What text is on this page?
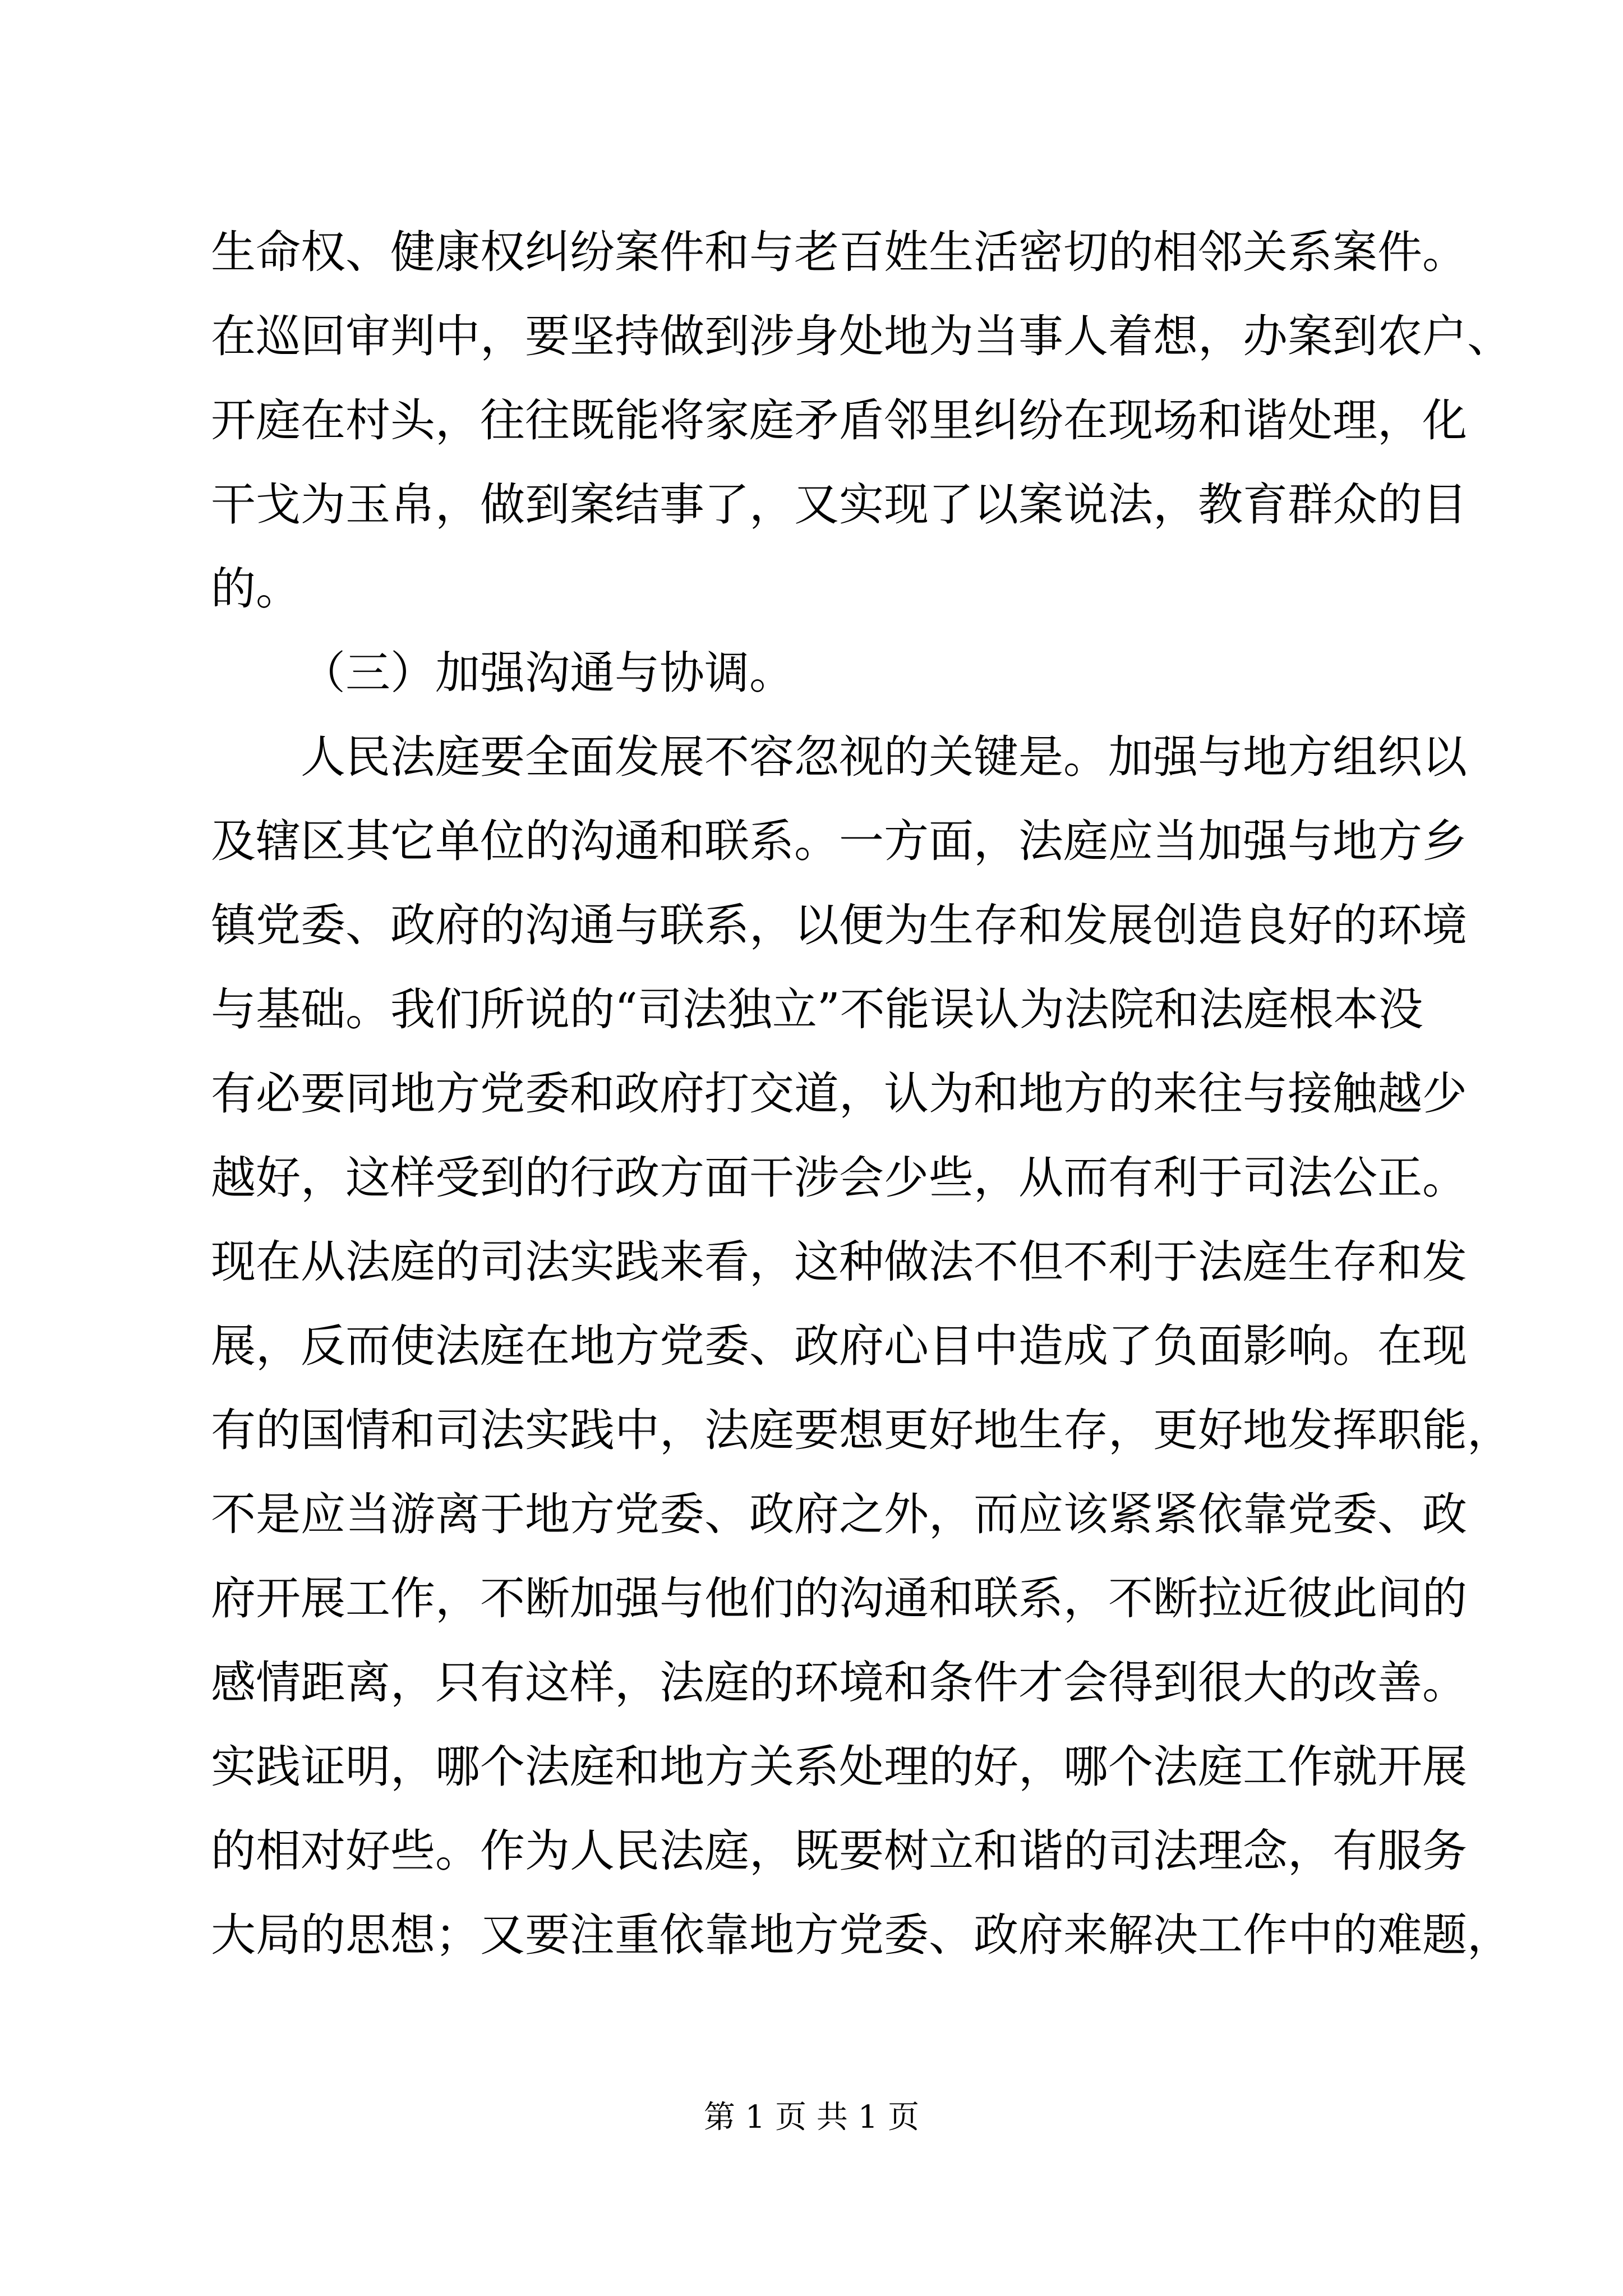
生命权、健康权纠纷案件和与老百姓生活密切的相邻关系案件。
在巡回审判中，要坚持做到涉身处地为当事人着想，办案到农户、
开庭在村头，往往既能将家庭矛盾邻里纠纷在现场和谐处理，化
干戈为玉帛，做到案结事了，又实现了以案说法，教育群众的目
的。
（三）加强沟通与协调。
人民法庭要全面发展不容忽视的关键是。加强与地方组织以
及辖区其它单位的沟通和联系。一方面，法庭应当加强与地方乡
镇党委、政府的沟通与联系，以便为生存和发展创造良好的环境
与基础。我们所说的“司法独立”不能误认为法院和法庭根本没
有必要同地方党委和政府打交道，认为和地方的来往与接触越少
越好，这样受到的行政方面干涉会少些，从而有利于司法公正。
现在从法庭的司法实践来看，这种做法不但不利于法庭生存和发
展，反而使法庭在地方党委、政府心目中造成了负面影响。在现
有的国情和司法实践中，法庭要想更好地生存，更好地发挥职能，
不是应当游离于地方党委、政府之外，而应该紧紧依靠党委、政
府开展工作，不断加强与他们的沟通和联系，不断拉近彼此间的
感情距离，只有这样，法庭的环境和条件才会得到很大的改善。
实践证明，哪个法庭和地方关系处理的好，哪个法庭工作就开展
的相对好些。作为人民法庭，既要树立和谐的司法理念，有服务
大局的思想；又要注重依靠地方党委、政府来解决工作中的难题，
第 1 页 共 1 页
